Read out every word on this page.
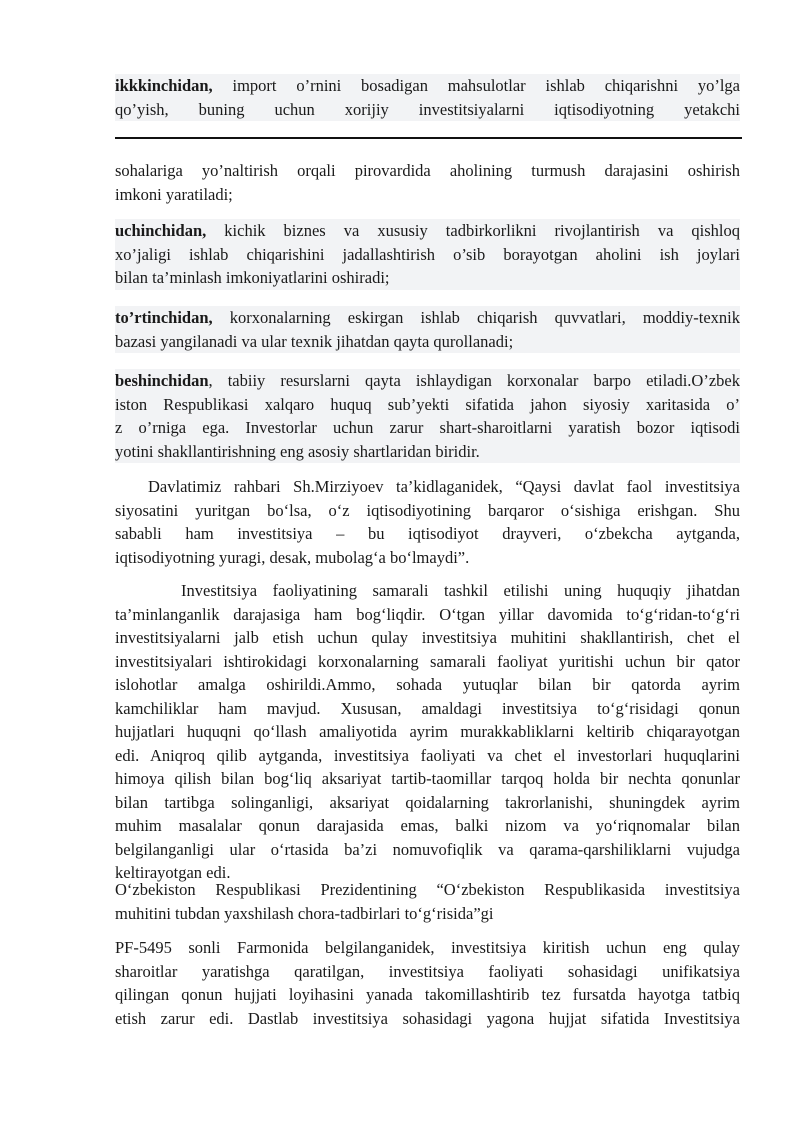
ikkkinchidan, import o’rnini bosadigan mahsulotlar ishlab chiqarishni yo’lga
qo’yish, buning uchun xorijiy investitsiyalarni iqtisodiyotning yetakchi
sohalariga yo’naltirish orqali pirovardida aholining turmush darajasini oshirish
imkoni yaratiladi;
uchinchidan, kichik biznes va xususiy tadbirkorlikni rivojlantirish va qishloq
xo’jaligi ishlab chiqarishini jadallashtirish o’sib borayotgan aholini ish joylari
bilan ta’minlash imkoniyatlarini oshiradi;
to’rtinchidan, korxonalarning eskirgan ishlab chiqarish quvvatlari, moddiy-texnik
bazasi yangilanadi va ular texnik jihatdan qayta qurollanadi;
beshinchidan, tabiiy resurslarni qayta ishlaydigan korxonalar barpo etiladi.O’zbek
iston Respublikasi xalqaro huquq sub’yekti sifatida jahon siyosiy xaritasida o’
z o’rniga ega. Investorlar uchun zarur shart-sharoitlarni yaratish bozor iqtisodi
yotini shakllantirishning eng asosiy shartlaridan biridir.
Davlatimiz rahbari Sh.Mirziyoev ta’kidlaganidek, “Qaysi davlat faol investitsiya
siyosatini yuritgan bo‘lsa, o‘z iqtisodiyotining barqaror o‘sishiga erishgan. Shu
sababli ham investitsiya – bu iqtisodiyot drayveri, o‘zbekcha aytganda,
iqtisodiyotning yuragi, desak, mubolag‘a bo‘lmaydi”.
Investitsiya faoliyatining samarali tashkil etilishi uning huquqiy jihatdan
ta’minlanganlik darajasiga ham bog‘liqdir. O‘tgan yillar davomida to‘g‘ridan-to‘g‘ri
investitsiyalarni jalb etish uchun qulay investitsiya muhitini shakllantirish, chet el
investitsiyalari ishtirokidagi korxonalarning samarali faoliyat yuritishi uchun bir qator
islohotlar amalga oshirildi.Ammo, sohada yutuqlar bilan bir qatorda ayrim
kamchiliklar ham mavjud. Xususan, amaldagi investitsiya to‘g‘risidagi qonun
hujjatlari huquqni qo‘llash amaliyotida ayrim murakkabliklarni keltirib chiqarayotgan
edi. Aniqroq qilib aytganda, investitsiya faoliyati va chet el investorlari huquqlarini
himoya qilish bilan bog‘liq aksariyat tartib-taomillar tarqoq holda bir nechta qonunlar
bilan tartibga solinganligi, aksariyat qoidalarning takrorlanishi, shuningdek ayrim
muhim masalalar qonun darajasida emas, balki nizom va yo‘riqnomalar bilan
belgilanganligi ular o‘rtasida ba’zi nomuvofiqlik va qarama-qarshiliklarni vujudga
keltirayotgan edi.
O‘zbekiston Respublikasi Prezidentining “O‘zbekiston Respublikasida investitsiya
muhitini tubdan yaxshilash chora-tadbirlari to‘g‘risida”gi
PF-5495 sonli Farmonida belgilanganidek, investitsiya kiritish uchun eng qulay
sharoitlar yaratishga qaratilgan, investitsiya faoliyati sohasidagi unifikatsiya
qilingan qonun hujjati loyihasini yanada takomillashtirib tez fursatda hayotga tatbiq
etish zarur edi. Dastlab investitsiya sohasidagi yagona hujjat sifatida Investitsiya
